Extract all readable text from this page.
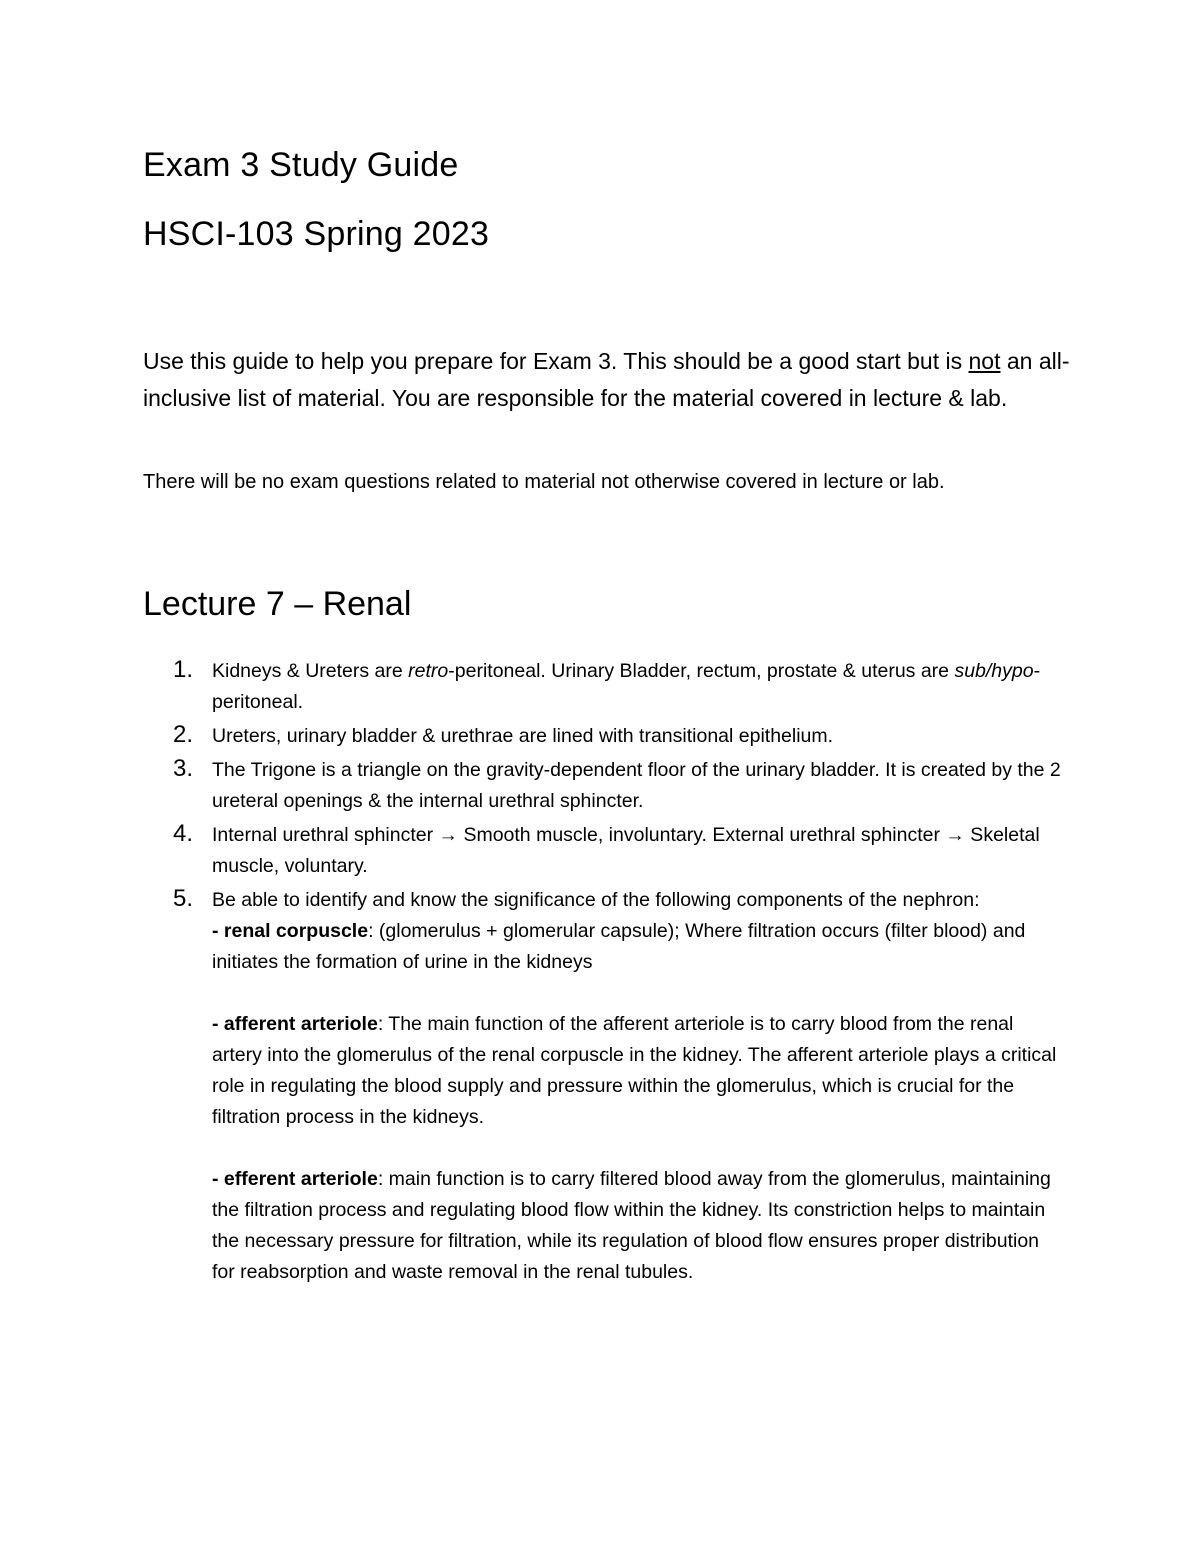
Exam 3 Study Guide
HSCI-103 Spring 2023
Use this guide to help you prepare for Exam 3. This should be a good start but is not an all-inclusive list of material. You are responsible for the material covered in lecture & lab.
There will be no exam questions related to material not otherwise covered in lecture or lab.
Lecture 7 – Renal
1. Kidneys & Ureters are retro-peritoneal. Urinary Bladder, rectum, prostate & uterus are sub/hypo-peritoneal.
2. Ureters, urinary bladder & urethrae are lined with transitional epithelium.
3. The Trigone is a triangle on the gravity-dependent floor of the urinary bladder. It is created by the 2 ureteral openings & the internal urethral sphincter.
4. Internal urethral sphincter → Smooth muscle, involuntary. External urethral sphincter → Skeletal muscle, voluntary.
5. Be able to identify and know the significance of the following components of the nephron:
- renal corpuscle: (glomerulus + glomerular capsule); Where filtration occurs (filter blood) and initiates the formation of urine in the kidneys
- afferent arteriole: The main function of the afferent arteriole is to carry blood from the renal artery into the glomerulus of the renal corpuscle in the kidney. The afferent arteriole plays a critical role in regulating the blood supply and pressure within the glomerulus, which is crucial for the filtration process in the kidneys.
- efferent arteriole: main function is to carry filtered blood away from the glomerulus, maintaining the filtration process and regulating blood flow within the kidney. Its constriction helps to maintain the necessary pressure for filtration, while its regulation of blood flow ensures proper distribution for reabsorption and waste removal in the renal tubules.
